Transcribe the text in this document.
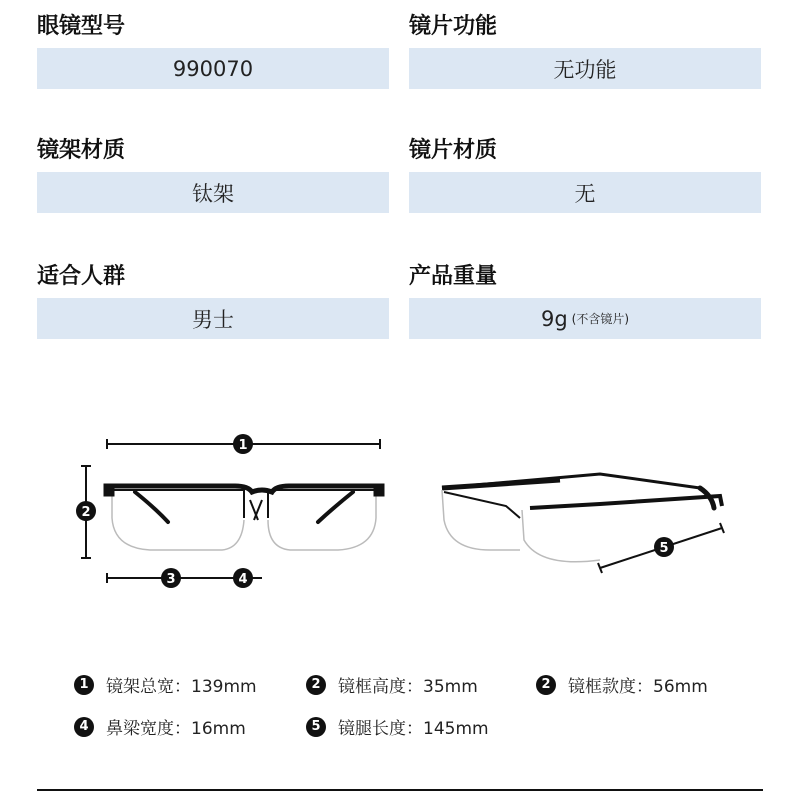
眼镜型号
990070
镜片功能
无功能
镜架材质
钛架
镜片材质
无
适合人群
男士
产品重量
9g (不含镜片)
1
2
3	4
5
1	镜架总宽：139mm	2	镜框高度：35mm	2	镜框款度：56mm
4	鼻梁宽度：16mm	5	镜腿长度：145mm
